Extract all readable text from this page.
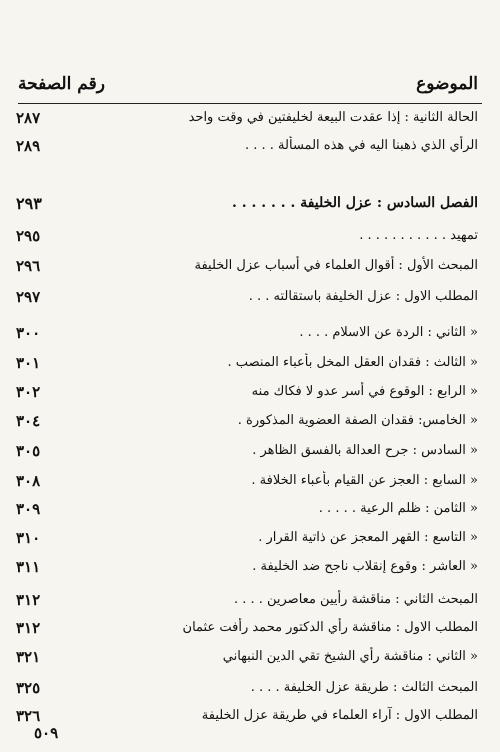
الموضوع
رقم الصفحة
٢٨٧	الحالة الثانية : إذا عقدت البيعة لخليفتين في وقت واحد
٢٨٩	الرأي الذي ذهبنا اليه في هذه المسألة . . . .
٢٩٣	الفصل السادس : عزل الخليفة . . . . . . .
٢٩٥	تمهيد . . . . . . . . . . .
٢٩٦	المبحث الأول : أقوال العلماء في أسباب عزل الخليفة
٢٩٧	المطلب الاول : عزل الخليفة باستقالته . . .
٣٠٠	« الثاني : الردة عن الاسلام . . . .
٣٠١	« الثالث : فقدان العقل المخل بأعباء المنصب .
٣٠٢	« الرابع : الوقوع في أسر عدو لا فكاك منه
٣٠٤	« الخامس: فقدان الصفة العضوية المذكورة .
٣٠٥	« السادس : جرح العدالة بالفسق الظاهر .
٣٠٨	« السابع : العجز عن القيام بأعباء الخلافة .
٣٠٩	« الثامن : ظلم الرعية . . . . .
٣١٠	« التاسع : القهر المعجز عن ذاتية القرار .
٣١١	« العاشر : وقوع إنقلاب ناجح ضد الخليفة .
٣١٢	المبحث الثاني : مناقشة رأيين معاصرين . . . .
٣١٢	المطلب الاول : مناقشة رأي الدكتور محمد رأفت عثمان
٣٢١	« الثاني : مناقشة رأي الشيخ تقي الدين النبهاني
٣٢٥	المبحث الثالث : طريقة عزل الخليفة . . . .
٣٢٦	المطلب الاول : آراء العلماء في طريقة عزل الخليفة
٥٠٩
